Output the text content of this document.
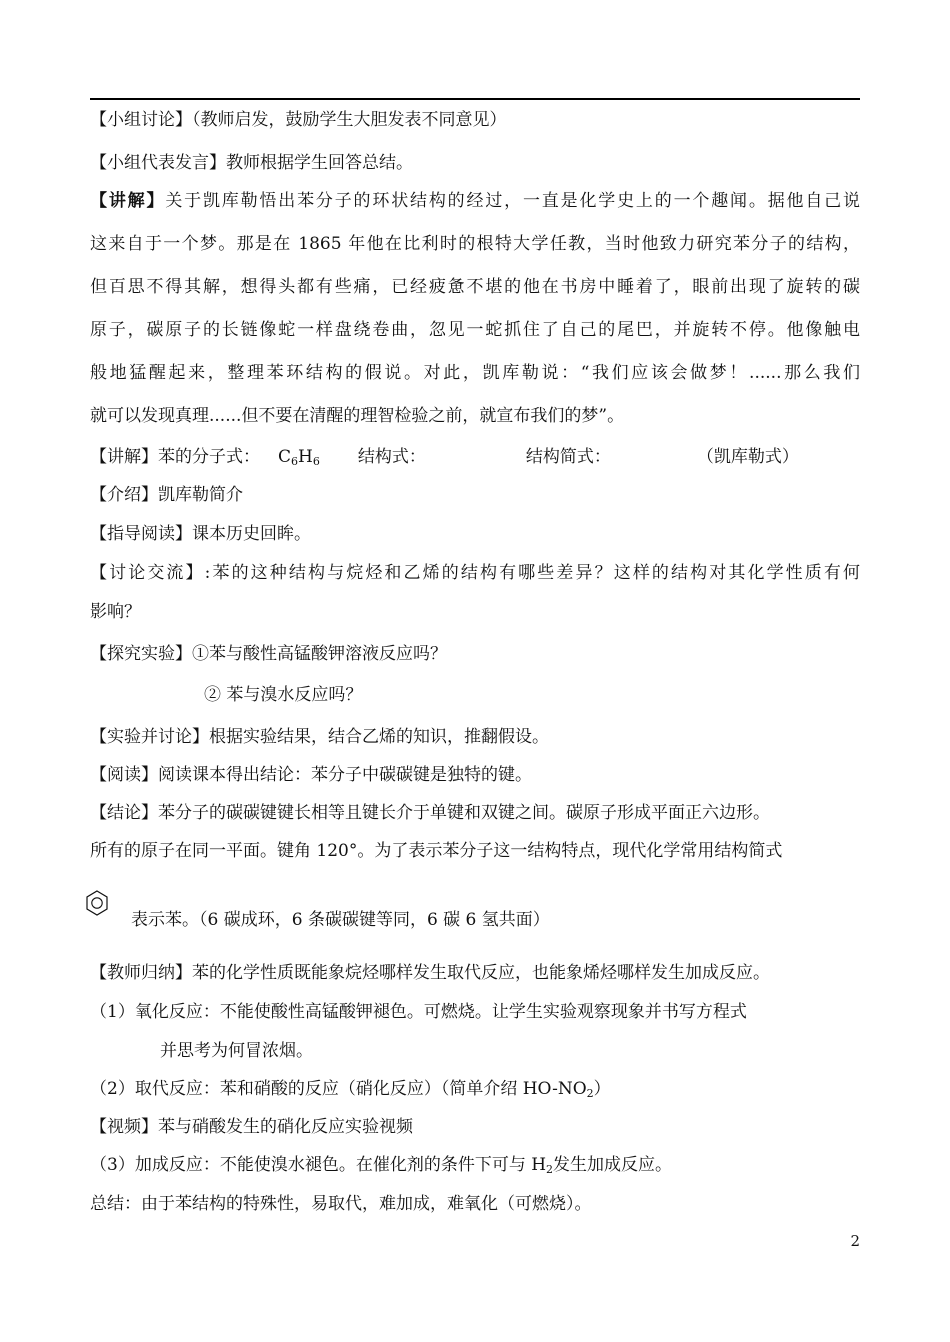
【小组讨论】（教师启发，鼓励学生大胆发表不同意见）
【小组代表发言】教师根据学生回答总结。
【讲解】关于凯库勒悟出苯分子的环状结构的经过，一直是化学史上的一个趣闻。据他自己说
这来自于一个梦。那是在 1865 年他在比利时的根特大学任教，当时他致力研究苯分子的结构，
但百思不得其解，想得头都有些痛，已经疲惫不堪的他在书房中睡着了，眼前出现了旋转的碳
原子，碳原子的长链像蛇一样盘绕卷曲，忽见一蛇抓住了自己的尾巴，并旋转不停。他像触电
般地猛醒起来，整理苯环结构的假说。对此，凯库勒说：“我们应该会做梦！......那么我们
就可以发现真理......但不要在清醒的理智检验之前，就宣布我们的梦”。
【讲解】苯的分子式： $C_6H_6$ 结构式：	结构简式：	（凯库勒式）
【介绍】凯库勒简介
【指导阅读】课本历史回眸。
【讨论交流】:苯的这种结构与烷烃和乙烯的结构有哪些差异？这样的结构对其化学性质有何
影响？
【探究实验】①苯与酸性高锰酸钾溶液反应吗？
② 苯与溴水反应吗？
【实验并讨论】根据实验结果，结合乙烯的知识，推翻假设。
【阅读】阅读课本得出结论：苯分子中碳碳键是独特的键。
【结论】苯分子的碳碳键键长相等且键长介于单键和双键之间。碳原子形成平面正六边形。
所有的原子在同一平面。键角 120°。为了表示苯分子这一结构特点，现代化学常用结构简式
表示苯。（6 碳成环，6 条碳碳键等同，6 碳 6 氢共面）
【教师归纳】苯的化学性质既能象烷烃哪样发生取代反应，也能象烯烃哪样发生加成反应。
（1）氧化反应：不能使酸性高锰酸钾褪色。可燃烧。让学生实验观察现象并书写方程式
并思考为何冒浓烟。
（2）取代反应：苯和硝酸的反应（硝化反应）（简单介绍 $HO-NO_2$）
【视频】苯与硝酸发生的硝化反应实验视频
（3）加成反应：不能使溴水褪色。在催化剂的条件下可与 $H_2$发生加成反应。
总结：由于苯结构的特殊性，易取代，难加成，难氧化（可燃烧）。
2
